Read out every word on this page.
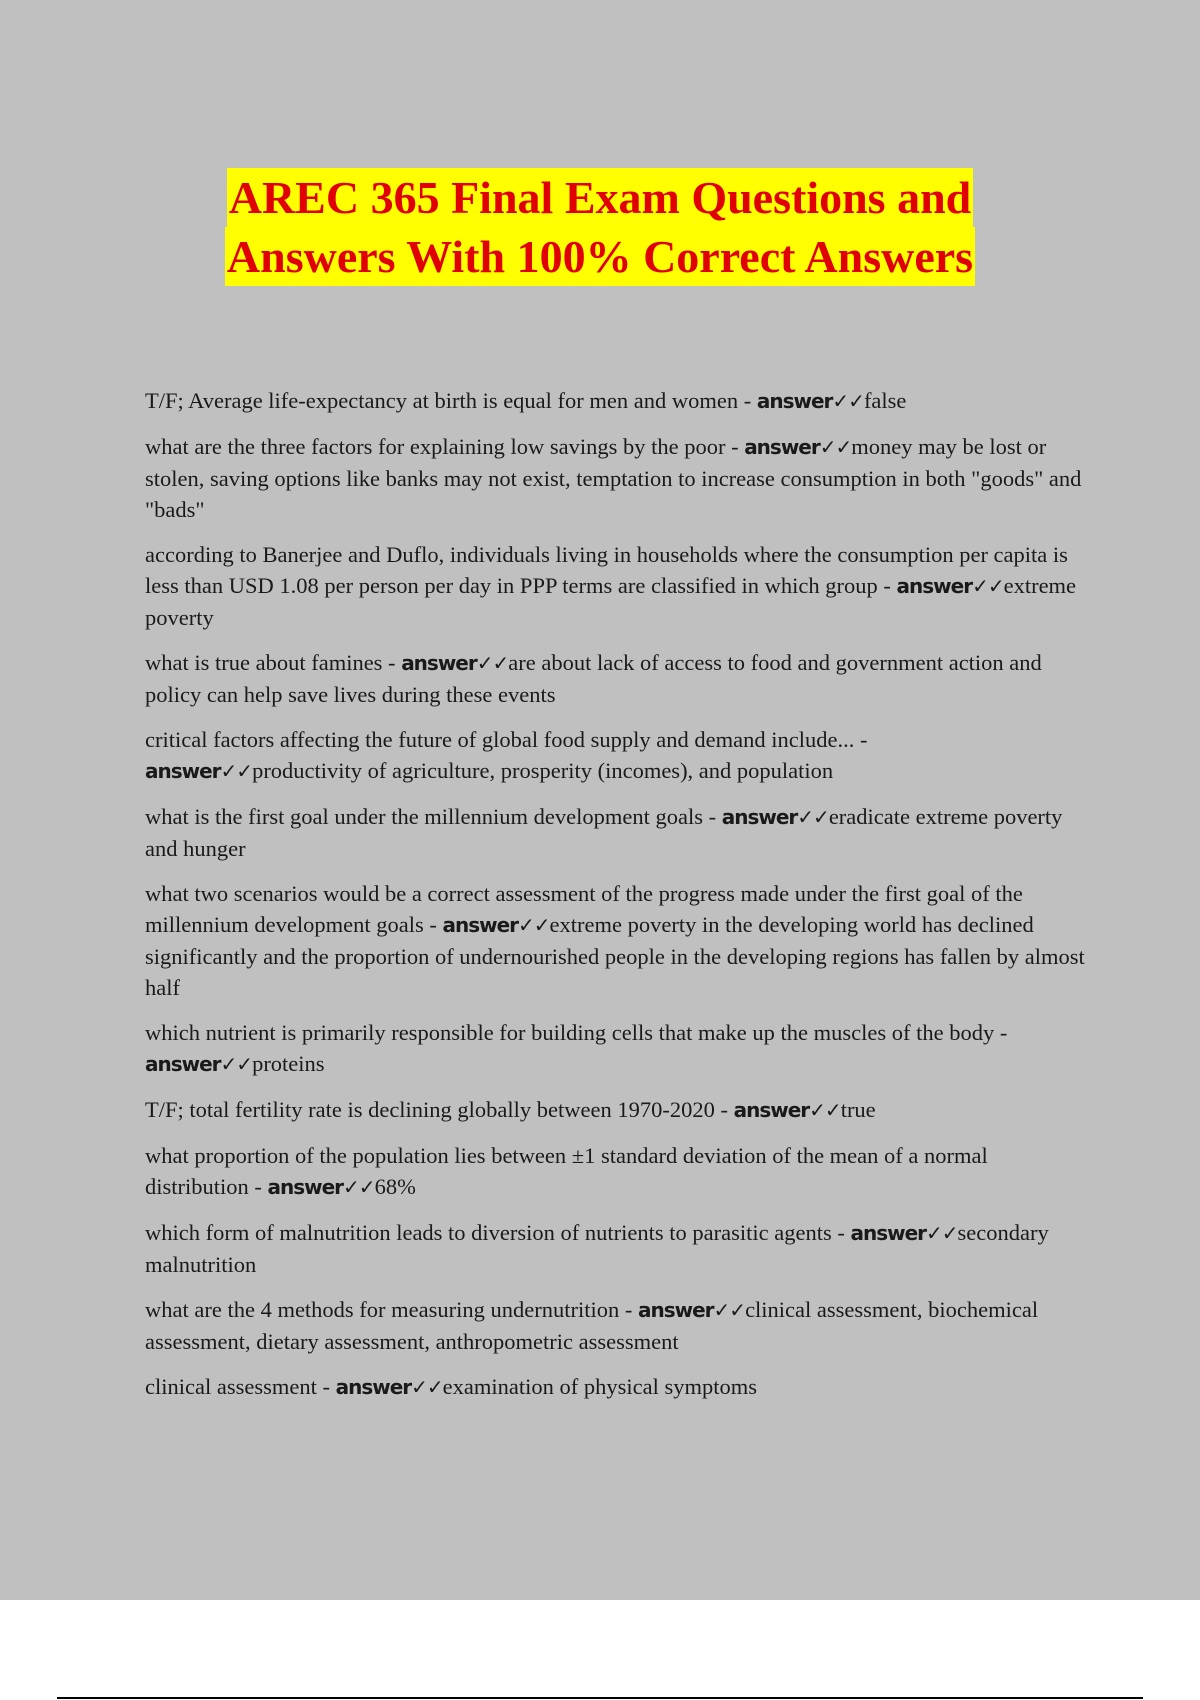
AREC 365 Final Exam Questions and
Answers With 100% Correct Answers
T/F; Average life-expectancy at birth is equal for men and women - answer✓✓false
what are the three factors for explaining low savings by the poor - answer✓✓money may be lost or stolen, saving options like banks may not exist, temptation to increase consumption in both "goods" and "bads"
according to Banerjee and Duflo, individuals living in households where the consumption per capita is less than USD 1.08 per person per day in PPP terms are classified in which group - answer✓✓extreme poverty
what is true about famines - answer✓✓are about lack of access to food and government action and policy can help save lives during these events
critical factors affecting the future of global food supply and demand include... - answer✓✓productivity of agriculture, prosperity (incomes), and population
what is the first goal under the millennium development goals - answer✓✓eradicate extreme poverty and hunger
what two scenarios would be a correct assessment of the progress made under the first goal of the millennium development goals - answer✓✓extreme poverty in the developing world has declined significantly and the proportion of undernourished people in the developing regions has fallen by almost half
which nutrient is primarily responsible for building cells that make up the muscles of the body - answer✓✓proteins
T/F; total fertility rate is declining globally between 1970-2020 - answer✓✓true
what proportion of the population lies between ±1 standard deviation of the mean of a normal distribution - answer✓✓68%
which form of malnutrition leads to diversion of nutrients to parasitic agents - answer✓✓secondary malnutrition
what are the 4 methods for measuring undernutrition - answer✓✓clinical assessment, biochemical assessment, dietary assessment, anthropometric assessment
clinical assessment - answer✓✓examination of physical symptoms
